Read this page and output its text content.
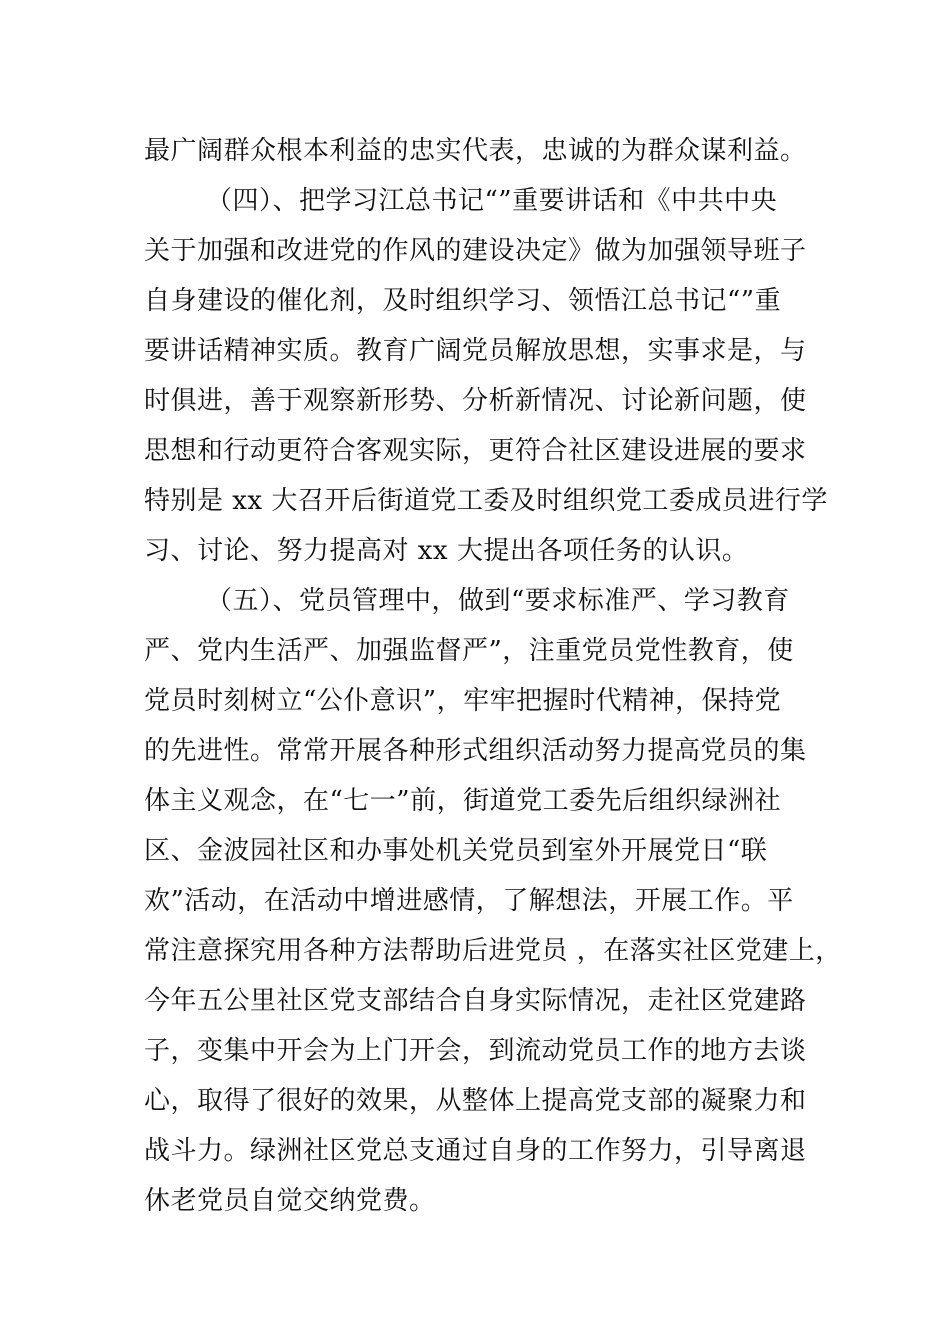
最广阔群众根本利益的忠实代表，忠诚的为群众谋利益。
（四）、把学习江总书记“”重要讲话和《中共中央
关于加强和改进党的作风的建设决定》做为加强领导班子
自身建设的催化剂，及时组织学习、领悟江总书记“”重
要讲话精神实质。教育广阔党员解放思想，实事求是，与
时俱进，善于观察新形势、分析新情况、讨论新问题，使
思想和行动更符合客观实际，更符合社区建设进展的要求
特别是 xx 大召开后街道党工委及时组织党工委成员进行学
习、讨论、努力提高对 xx 大提出各项任务的认识。
（五）、党员管理中，做到“要求标准严、学习教育
严、党内生活严、加强监督严”，注重党员党性教育，使
党员时刻树立“公仆意识”，牢牢把握时代精神，保持党
的先进性。常常开展各种形式组织活动努力提高党员的集
体主义观念，在“七一”前，街道党工委先后组织绿洲社
区、金波园社区和办事处机关党员到室外开展党日“联
欢”活动，在活动中增进感情，了解想法，开展工作。平
常注意探究用各种方法帮助后进党员 ，在落实社区党建上，
今年五公里社区党支部结合自身实际情况，走社区党建路
子，变集中开会为上门开会，到流动党员工作的地方去谈
心，取得了很好的效果，从整体上提高党支部的凝聚力和
战斗力。绿洲社区党总支通过自身的工作努力，引导离退
休老党员自觉交纳党费。
